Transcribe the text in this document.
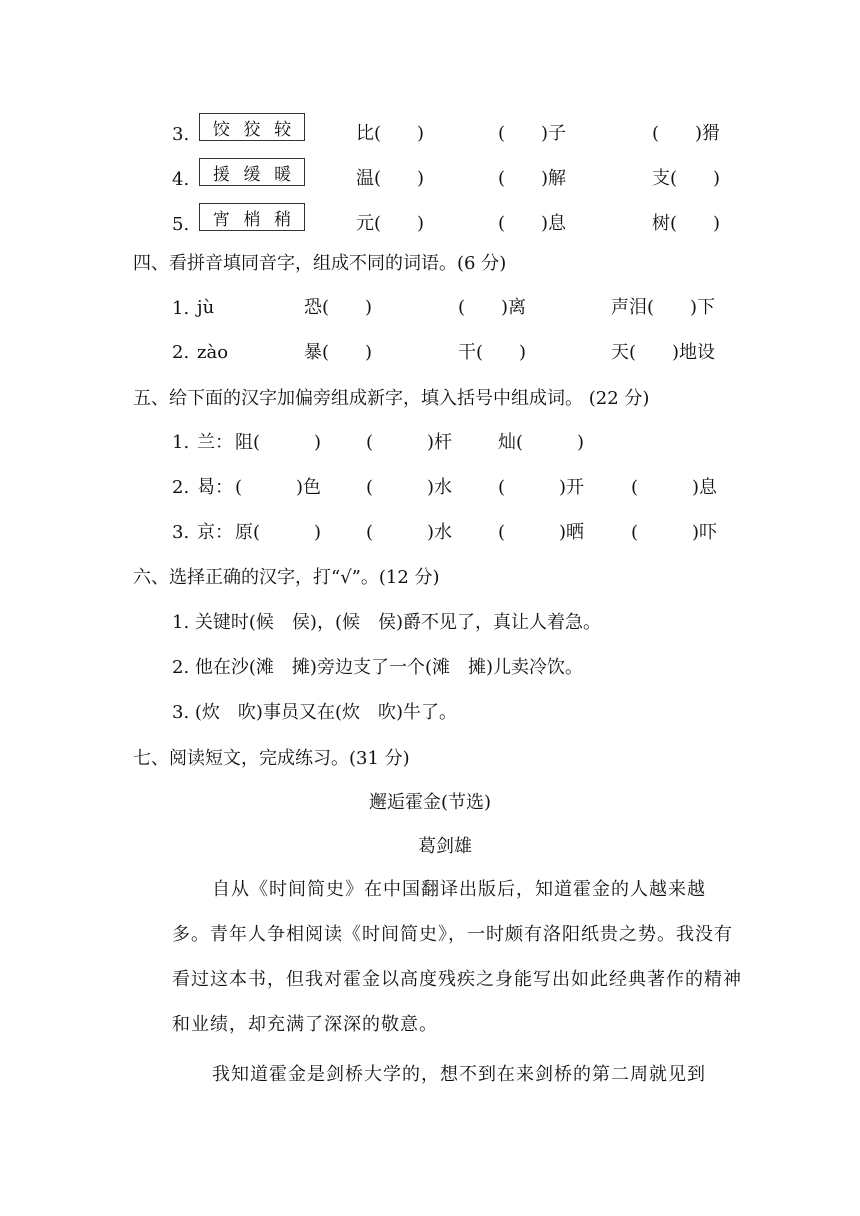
3. 饺 狡 较	比(　　)	(　　)子	(　　)猾
4. 援 缓 暖	温(　　)	(　　)解	支(　　)
5. 宵 梢 稍	元(　　)	(　　)息	树(　　)
四、看拼音填同音字，组成不同的词语。(6 分)
1. jù	恐(　　)	(　　)离	声泪(　　)下
2. zào	暴(　　)	干(　　)	天(　　)地设
五、给下面的汉字加偏旁组成新字，填入括号中组成词。 (22 分)
1. 兰： 阻(　　　) (　　　)杆	灿(　　　)
2. 曷： (　　　)色 (　　　)水	(　　　)开	(　　　)息
3. 京： 原(　　　) (　　　)水	(　　　)晒	(　　　)吓
六、选择正确的汉字，打“√”。(12 分)
1. 关键时(候　侯)，(候　侯)爵不见了，真让人着急。
2. 他在沙(滩　摊)旁边支了一个(滩　摊)儿卖冷饮。
3. (炊　吹)事员又在(炊　吹)牛了。
七、阅读短文，完成练习。(31 分)
邂逅霍金(节选)
葛剑雄
自从《时间简史》在中国翻译出版后，知道霍金的人越来越多。青年人争相阅读《时间简史》，一时颇有洛阳纸贵之势。我没有看过这本书，但我对霍金以高度残疾之身能写出如此经典著作的精神和业绩，却充满了深深的敬意。
我知道霍金是剑桥大学的，想不到在来剑桥的第二周就见到
